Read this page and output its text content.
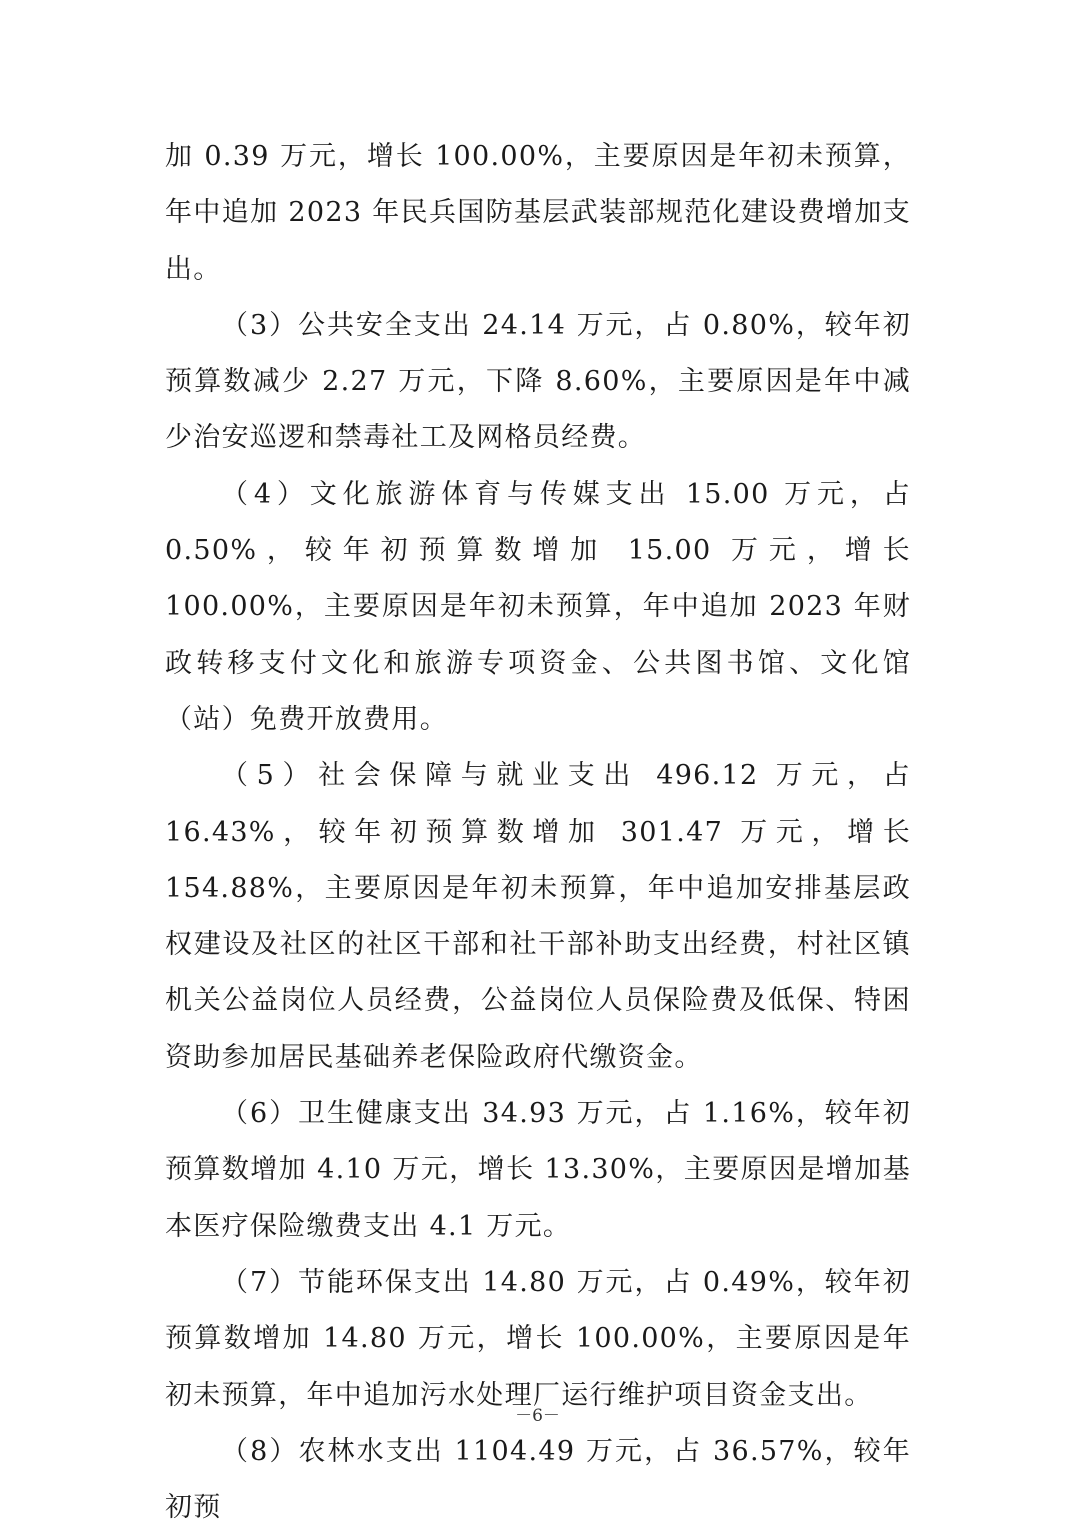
加 0.39 万元，增长 100.00%，主要原因是年初未预算，年中追加 2023 年民兵国防基层武装部规范化建设费增加支出。

（3）公共安全支出 24.14 万元，占 0.80%，较年初预算数减少 2.27 万元，下降 8.60%，主要原因是年中减少治安巡逻和禁毒社工及网格员经费。

（4）文化旅游体育与传媒支出 15.00 万元，占 0.50%，较年初预算数增加 15.00 万元，增长 100.00%，主要原因是年初未预算，年中追加 2023 年财政转移支付文化和旅游专项资金、公共图书馆、文化馆（站）免费开放费用。

（5）社会保障与就业支出 496.12 万元，占 16.43%，较年初预算数增加 301.47 万元，增长 154.88%，主要原因是年初未预算，年中追加安排基层政权建设及社区的社区干部和社干部补助支出经费，村社区镇机关公益岗位人员经费，公益岗位人员保险费及低保、特困资助参加居民基础养老保险政府代缴资金。

（6）卫生健康支出 34.93 万元，占 1.16%，较年初预算数增加 4.10 万元，增长 13.30%，主要原因是增加基本医疗保险缴费支出 4.1 万元。

（7）节能环保支出 14.80 万元，占 0.49%，较年初预算数增加 14.80 万元，增长 100.00%，主要原因是年初未预算，年中追加污水处理厂运行维护项目资金支出。

（8）农林水支出 1104.49 万元，占 36.57%，较年初预

－6－
